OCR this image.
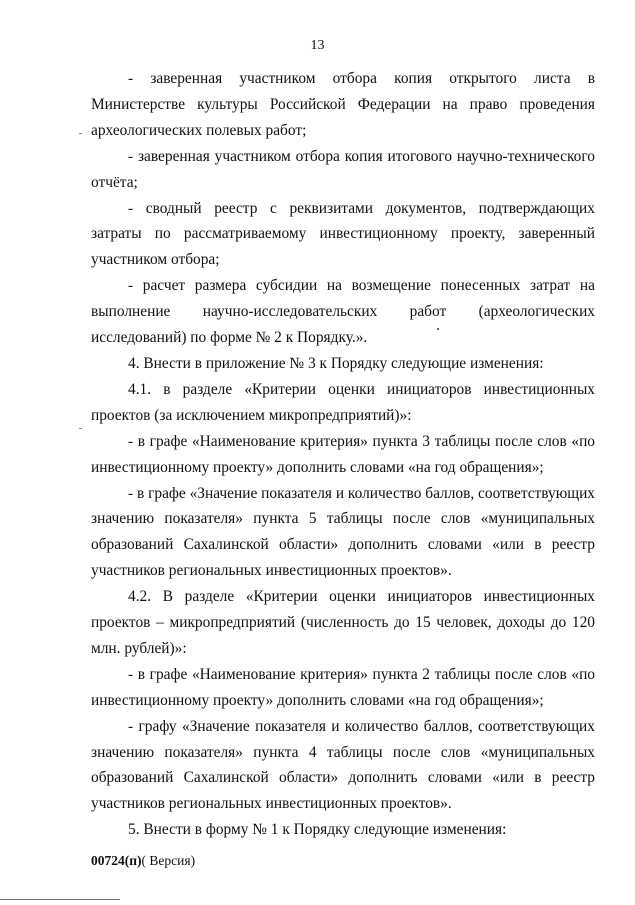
13

- заверенная участником отбора копия открытого листа в Министерстве культуры Российской Федерации на право проведения археологических полевых работ;

- заверенная участником отбора копия итогового научно-технического отчёта;

- сводный реестр с реквизитами документов, подтверждающих затраты по рассматриваемому инвестиционному проекту, заверенный участником отбора;

- расчет размера субсидии на возмещение понесенных затрат на выполнение научно-исследовательских работ (археологических исследований) по форме № 2 к Порядку.».

4. Внести в приложение № 3 к Порядку следующие изменения:

4.1. в разделе «Критерии оценки инициаторов инвестиционных проектов (за исключением микропредприятий)»:

- в графе «Наименование критерия» пункта 3 таблицы после слов «по инвестиционному проекту» дополнить словами «на год обращения»;

- в графе «Значение показателя и количество баллов, соответствующих значению показателя» пункта 5 таблицы после слов «муниципальных образований Сахалинской области» дополнить словами «или в реестр участников региональных инвестиционных проектов».

4.2. В разделе «Критерии оценки инициаторов инвестиционных проектов – микропредприятий (численность до 15 человек, доходы до 120 млн. рублей)»:

- в графе «Наименование критерия» пункта 2 таблицы после слов «по инвестиционному проекту» дополнить словами «на год обращения»;

- графу «Значение показателя и количество баллов, соответствующих значению показателя» пункта 4 таблицы после слов «муниципальных образований Сахалинской области» дополнить словами «или в реестр участников региональных инвестиционных проектов».

5. Внести в форму № 1 к Порядку следующие изменения:

00724(п)( Версия)
